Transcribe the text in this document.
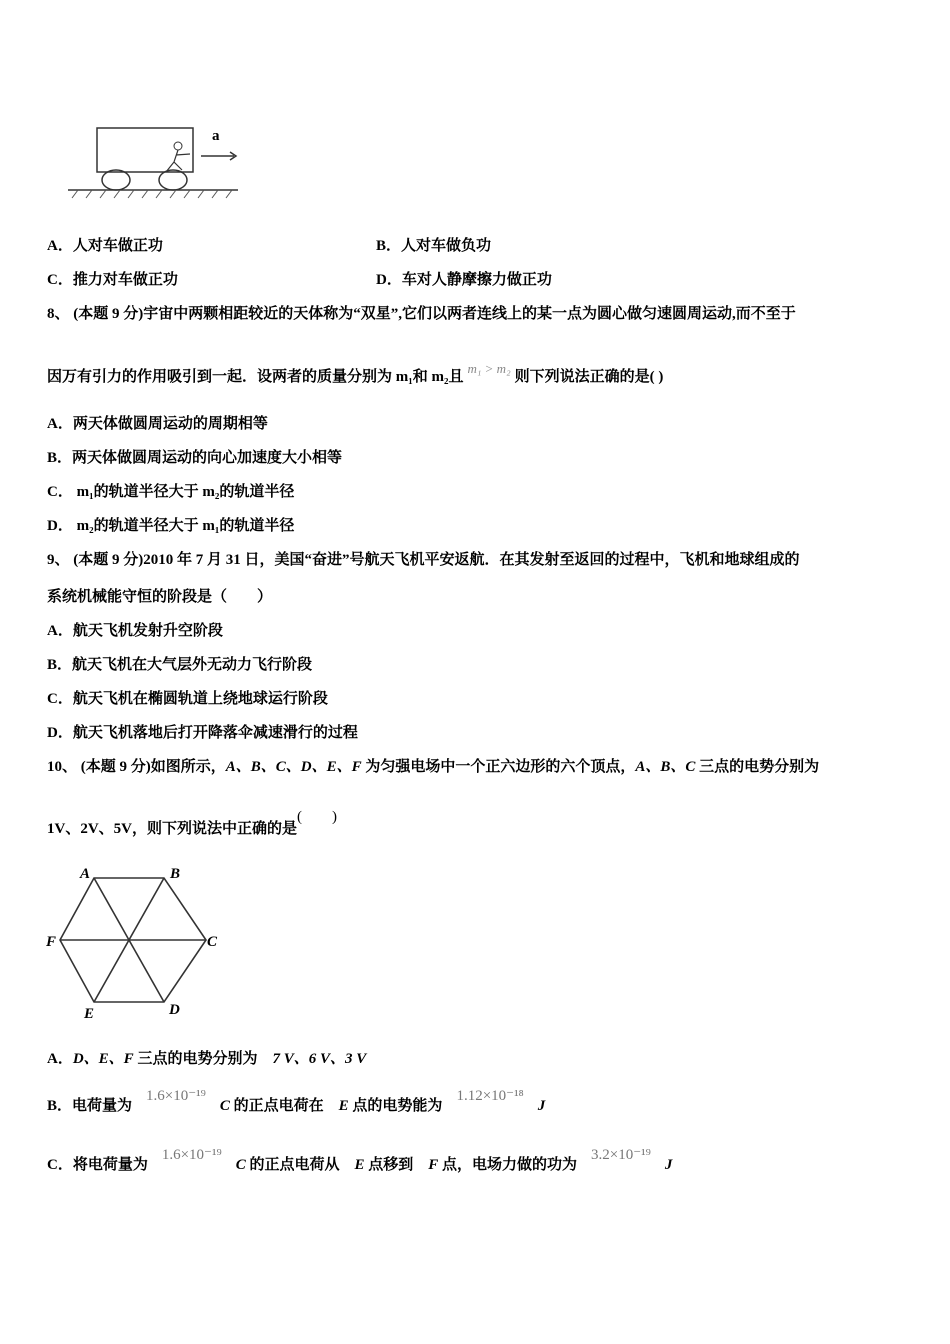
a
A．人对车做正功	B．人对车做负功
C．推力对车做正功	D．车对人静摩擦力做正功
8、 (本题 9 分)宇宙中两颗相距较近的天体称为“双星”,它们以两者连线上的某一点为圆心做匀速圆周运动,而不至于
因万有引力的作用吸引到一起．设两者的质量分别为 m₁和 m₂且m₁ > m₂则下列说法正确的是( )
A．两天体做圆周运动的周期相等
B．两天体做圆周运动的向心加速度大小相等
C． m₁的轨道半径大于 m₂的轨道半径
D． m₂的轨道半径大于 m₁的轨道半径
9、 (本题 9 分)2010 年 7 月 31 日，美国“奋进”号航天飞机平安返航．在其发射至返回的过程中，飞机和地球组成的
系统机械能守恒的阶段是（　　）
A．航天飞机发射升空阶段
B．航天飞机在大气层外无动力飞行阶段
C．航天飞机在椭圆轨道上绕地球运行阶段
D．航天飞机落地后打开降落伞减速滑行的过程
10、 (本题 9 分)如图所示，A、B、C、D、E、F 为匀强电场中一个正六边形的六个顶点，A、B、C 三点的电势分别为
1V、2V、5V，则下列说法中正确的是(　　)
A	B
C
D
E
F
A．D、E、F 三点的电势分别为　7 V、6 V、3 V
B．电荷量为1.6×10⁻¹⁹C 的正点电荷在　E 点的电势能为1.12×10⁻¹⁸J
C．将电荷量为1.6×10⁻¹⁹C 的正点电荷从　E 点移到　F 点，电场力做的功为3.2×10⁻¹⁹J
